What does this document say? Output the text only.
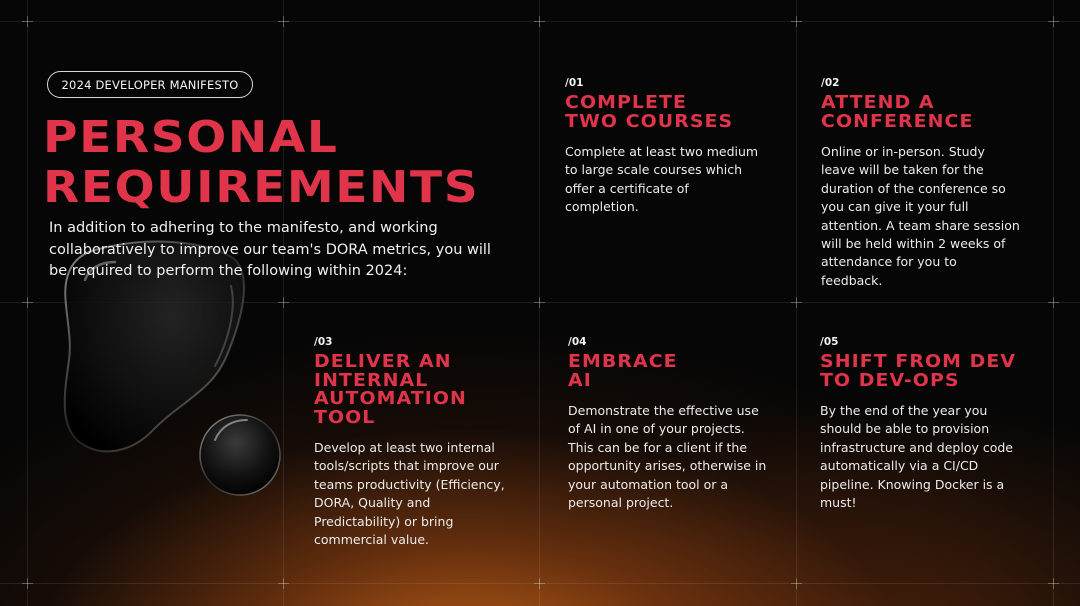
2024 DEVELOPER MANIFESTO
PERSONAL
REQUIREMENTS

In addition to adhering to the manifesto, and working collaboratively to improve our team's DORA metrics, you will be required to perform the following within 2024:

/01

COMPLETE
TWO COURSES

Complete at least two medium to large scale courses which offer a certificate of completion.

/02

ATTEND A
CONFERENCE

Online or in-person. Study leave will be taken for the duration of the conference so you can give it your full attention. A team share session will be held within 2 weeks of attendance for you to feedback.

/03

DELIVER AN
INTERNAL
AUTOMATION
TOOL

Develop at least two internal tools/scripts that improve our teams productivity (Efficiency, DORA, Quality and Predictability) or bring commercial value.

/04

EMBRACE
AI

Demonstrate the effective use of AI in one of your projects. This can be for a client if the opportunity arises, otherwise in your automation tool or a personal project.

/05

SHIFT FROM DEV
TO DEV-OPS

By the end of the year you should be able to provision infrastructure and deploy code automatically via a CI/CD pipeline. Knowing Docker is a must!
